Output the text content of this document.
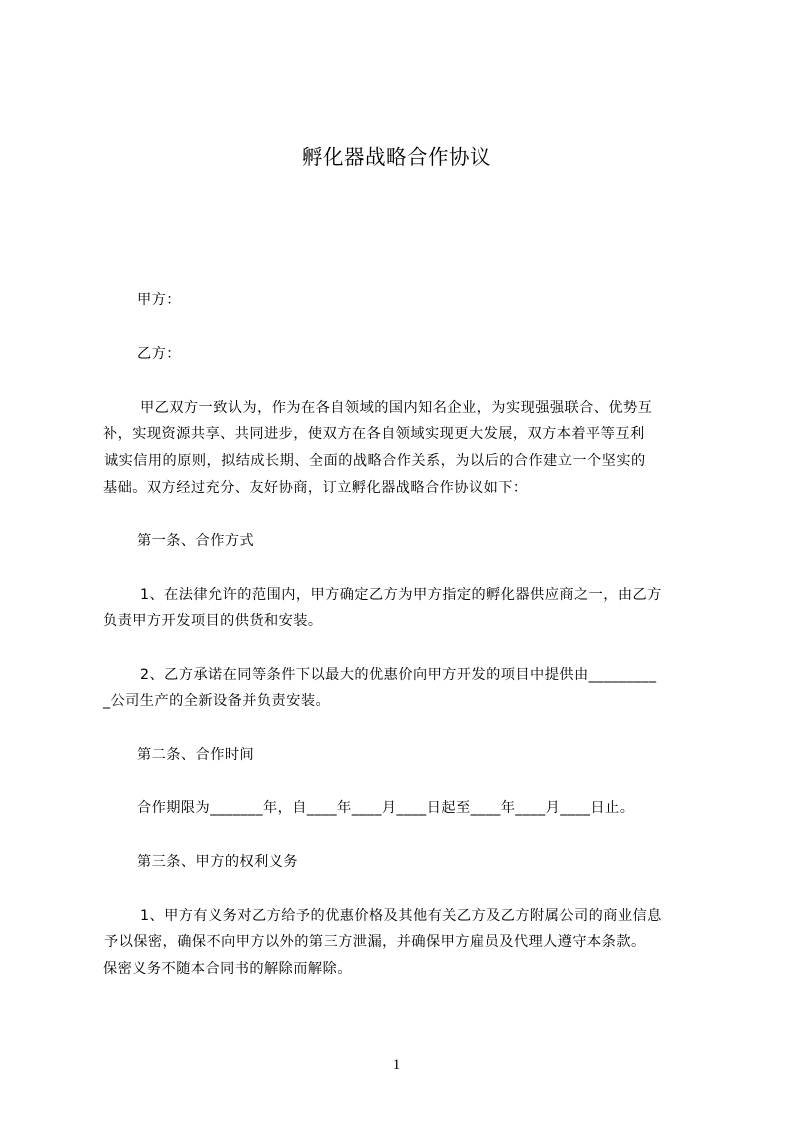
孵化器战略合作协议
甲方：
乙方：
甲乙双方一致认为，作为在各自领域的国内知名企业，为实现强强联合、优势互
补，实现资源共享、共同进步，使双方在各自领域实现更大发展，双方本着平等互利
诚实信用的原则，拟结成长期、全面的战略合作关系，为以后的合作建立一个坚实的
基础。双方经过充分、友好协商，订立孵化器战略合作协议如下：
第一条、合作方式
1、在法律允许的范围内，甲方确定乙方为甲方指定的孵化器供应商之一，由乙方
负责甲方开发项目的供货和安装。
2、乙方承诺在同等条件下以最大的优惠价向甲方开发的项目中提供由_________
_公司生产的全新设备并负责安装。
第二条、合作时间
合作期限为_______年，自____年____月____日起至____年____月____日止。
第三条、甲方的权利义务
1、甲方有义务对乙方给予的优惠价格及其他有关乙方及乙方附属公司的商业信息
予以保密，确保不向甲方以外的第三方泄漏，并确保甲方雇员及代理人遵守本条款。
保密义务不随本合同书的解除而解除。
1
